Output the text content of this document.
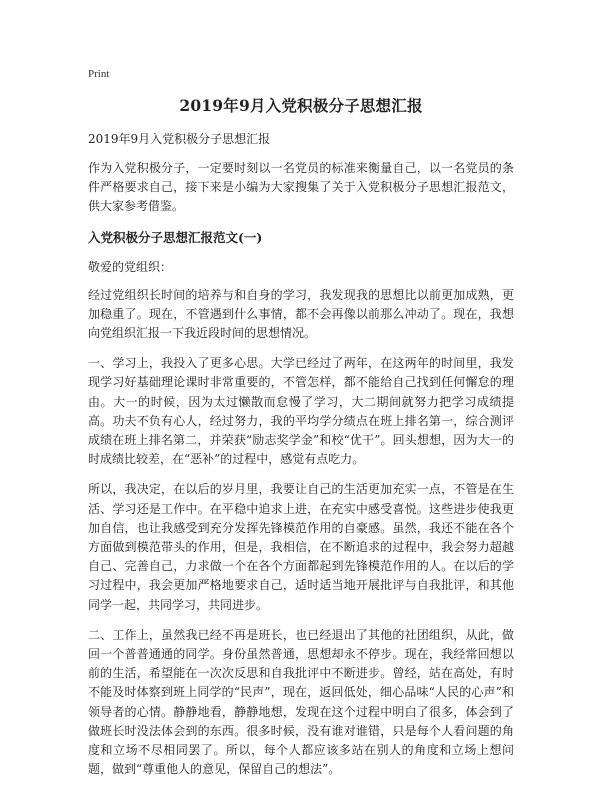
Print
2019年9月入党积极分子思想汇报
2019年9月入党积极分子思想汇报
作为入党积极分子，一定要时刻以一名党员的标准来衡量自己，以一名党员的条件严格要求自己，接下来是小编为大家搜集了关于入党积极分子思想汇报范文，供大家参考借鉴。
入党积极分子思想汇报范文(一)
敬爱的党组织：
经过党组织长时间的培养与和自身的学习，我发现我的思想比以前更加成熟，更加稳重了。现在，不管遇到什么事情，都不会再像以前那么冲动了。现在，我想向党组织汇报一下我近段时间的思想情况。
一、学习上，我投入了更多心思。大学已经过了两年，在这两年的时间里，我发现学习好基础理论课时非常重要的，不管怎样，都不能给自己找到任何懈怠的理由。大一的时候，因为太过懒散而怠慢了学习，大二期间就努力把学习成绩提高。功夫不负有心人，经过努力，我的平均学分绩点在班上排名第一，综合测评成绩在班上排名第二，并荣获“励志奖学金”和校“优干”。回头想想，因为大一的时成绩比较差，在“恶补”的过程中，感觉有点吃力。
所以，我决定，在以后的岁月里，我要让自己的生活更加充实一点，不管是在生活、学习还是工作中。在平稳中追求上进，在充实中感受喜悦。这些进步使我更加自信，也让我感受到充分发挥先锋模范作用的自豪感。虽然，我还不能在各个方面做到模范带头的作用，但是，我相信，在不断追求的过程中，我会努力超越自己、完善自己，力求做一个在各个方面都起到先锋模范作用的人。在以后的学习过程中，我会更加严格地要求自己，适时适当地开展批评与自我批评，和其他同学一起，共同学习，共同进步。
二、工作上，虽然我已经不再是班长，也已经退出了其他的社团组织，从此，做回一个普普通通的同学。身份虽然普通，思想却永不停步。现在，我经常回想以前的生活，希望能在一次次反思和自我批评中不断进步。曾经，站在高处，有时不能及时体察到班上同学的“民声”，现在，返回低处，细心品味“人民的心声”和领导者的心情。静静地看，静静地想，发现在这个过程中明白了很多，体会到了做班长时没法体会到的东西。很多时候，没有谁对谁错，只是每个人看问题的角度和立场不尽相同罢了。所以，每个人都应该多站在别人的角度和立场上想问题，做到“尊重他人的意见，保留自己的想法”。
